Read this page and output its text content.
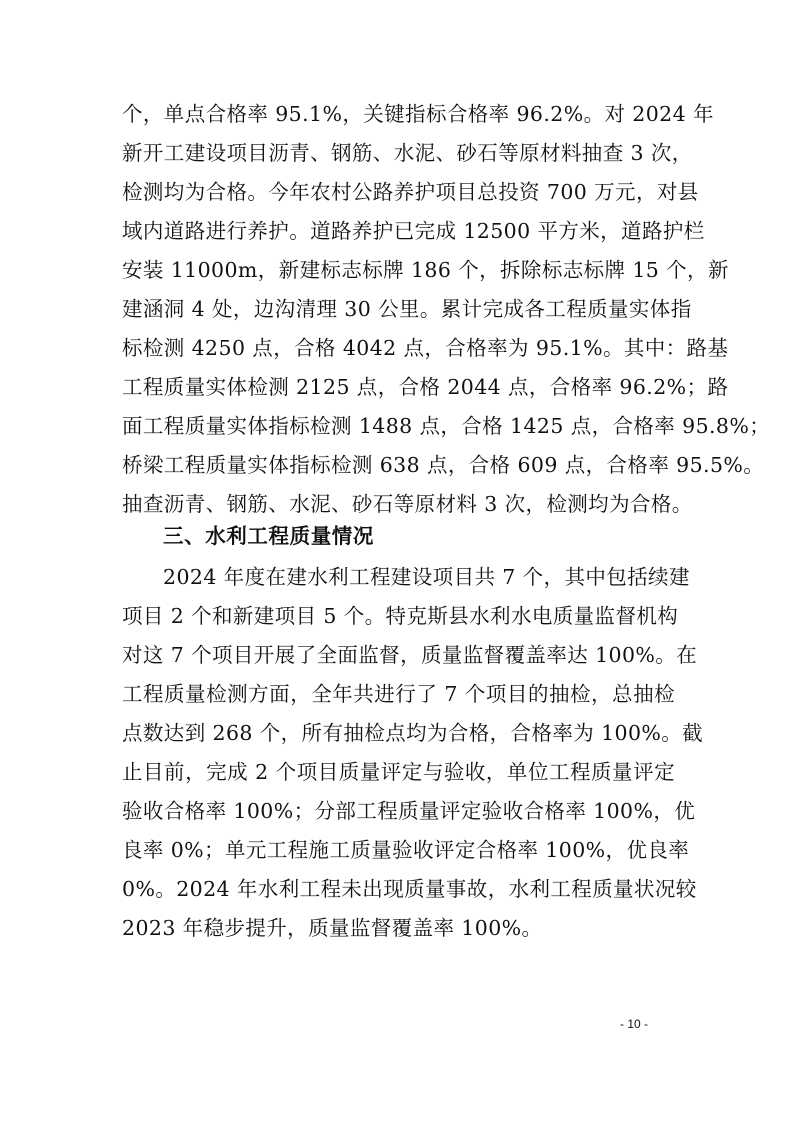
个，单点合格率 95.1%，关键指标合格率 96.2%。对 2024 年
新开工建设项目沥青、钢筋、水泥、砂石等原材料抽查 3 次，
检测均为合格。今年农村公路养护项目总投资 700 万元，对县
域内道路进行养护。道路养护已完成 12500 平方米，道路护栏
安装 11000m，新建标志标牌 186 个，拆除标志标牌 15 个，新
建涵洞 4 处，边沟清理 30 公里。累计完成各工程质量实体指
标检测 4250 点，合格 4042 点，合格率为 95.1%。其中：路基
工程质量实体检测 2125 点，合格 2044 点，合格率 96.2%；路
面工程质量实体指标检测 1488 点，合格 1425 点，合格率 95.8%；
桥梁工程质量实体指标检测 638 点，合格 609 点，合格率 95.5%。
抽查沥青、钢筋、水泥、砂石等原材料 3 次，检测均为合格。
三、水利工程质量情况
2024 年度在建水利工程建设项目共 7 个，其中包括续建
项目 2 个和新建项目 5 个。特克斯县水利水电质量监督机构
对这 7 个项目开展了全面监督，质量监督覆盖率达 100%。在
工程质量检测方面，全年共进行了 7 个项目的抽检，总抽检
点数达到 268 个，所有抽检点均为合格，合格率为 100%。截
止目前，完成 2 个项目质量评定与验收，单位工程质量评定
验收合格率 100%；分部工程质量评定验收合格率 100%，优
良率 0%；单元工程施工质量验收评定合格率 100%，优良率
0%。2024 年水利工程未出现质量事故，水利工程质量状况较
2023 年稳步提升，质量监督覆盖率 100%。
- 10 -
